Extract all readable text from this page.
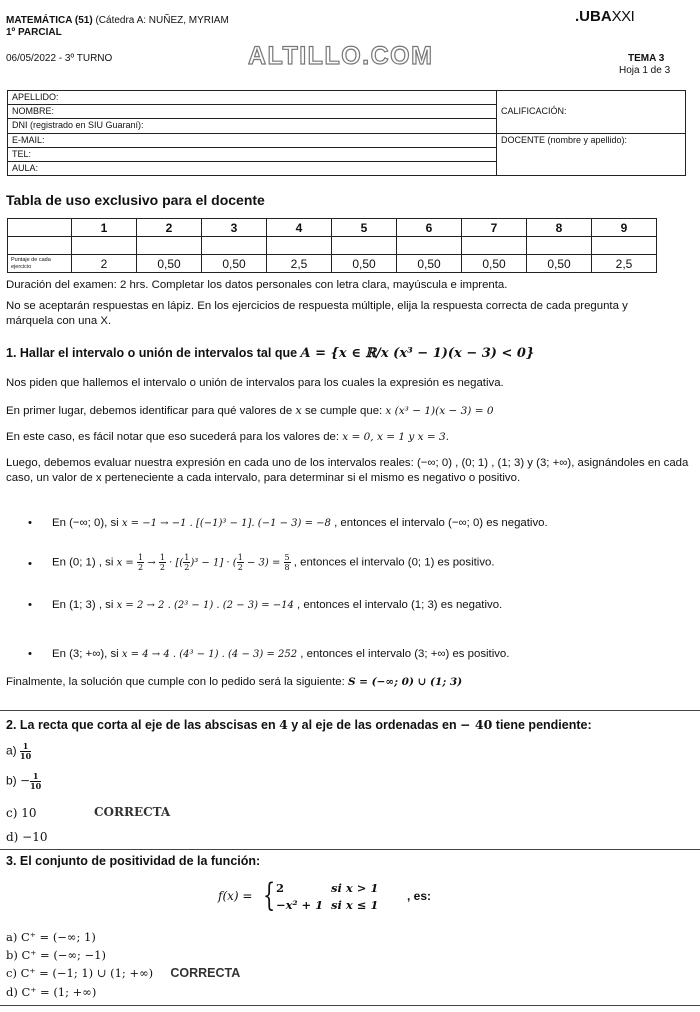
MATEMÁTICA (51) (Cátedra A: NUÑEZ, MYRIAM
1º PARCIAL
06/05/2022 - 3º TURNO	ALTILLO.COM
.UBAXXI
TEMA 3
Hoja 1 de 3
APELLIDO:	CALIFICACIÓN:
NOMBRE:	
DNI (registrado en SIU Guaraní):	
E-MAIL:	DOCENTE (nombre y apellido):
TEL:	
AULA:	
Tabla de uso exclusivo para el docente
	1	2	3	4	5	6	7	8	9

Puntaje de cada ejercicio	2	0,50	0,50	2,5	0,50	0,50	0,50	0,50	2,5
Duración del examen: 2 hrs. Completar los datos personales con letra clara, mayúscula e imprenta.
No se aceptarán respuestas en lápiz. En los ejercicios de respuesta múltiple, elija la respuesta correcta de cada pregunta y márquela con una X.
1. Hallar el intervalo o unión de intervalos tal que A = {x ∈ ℝ/x (x³ − 1)(x − 3) < 0}
Nos piden que hallemos el intervalo o unión de intervalos para los cuales la expresión es negativa.
En primer lugar, debemos identificar para qué valores de x se cumple que: x (x³ − 1)(x − 3) = 0
En este caso, es fácil notar que eso sucederá para los valores de: x = 0, x = 1 y x = 3.
Luego, debemos evaluar nuestra expresión en cada uno de los intervalos reales: (−∞; 0) , (0; 1) , (1; 3) y (3; +∞), asignándoles en cada caso, un valor de x perteneciente a cada intervalo, para determinar si el mismo es negativo o positivo.
• En (−∞; 0), si x = −1 → −1 . [(−1)³ − 1]. (−1 − 3) = −8 , entonces el intervalo (−∞; 0) es negativo.
• En (0; 1) , si $x = \frac{1}{2} \to \frac{1}{2}$ · [( $\frac{1}{2} )^3 - 1$] · ( $\frac{1}{2} - 3) = \frac{5}{8}$ , entonces el intervalo (0; 1) es positivo.
• En (1; 3) , si x = 2 → 2 . (2³ − 1) . (2 − 3) = −14 , entonces el intervalo (1; 3) es negativo.
• En (3; +∞), si x = 4 → 4 . (4³ − 1) . (4 − 3) = 252 , entonces el intervalo (3; +∞) es positivo.
Finalmente, la solución que cumple con lo pedido será la siguiente: S = (−∞; 0) ∪ (1; 3)
2. La recta que corta al eje de las abscisas en 4 y al eje de las ordenadas en − 40 tiene pendiente:
$a) \frac{1}{10}$
$b) - \frac{1}{10}$
c) 10	CORRECTA
d) −10
3. El conjunto de positividad de la función:
f(x) = { 2	si x > 1
−x² + 1 si x ≤ 1
, es:
a) C⁺ = (−∞; 1)
b) C⁺ = (−∞; −1)
c) C⁺ = (−1; 1) ∪ (1; +∞) CORRECTA
d) C⁺ = (1; +∞)
